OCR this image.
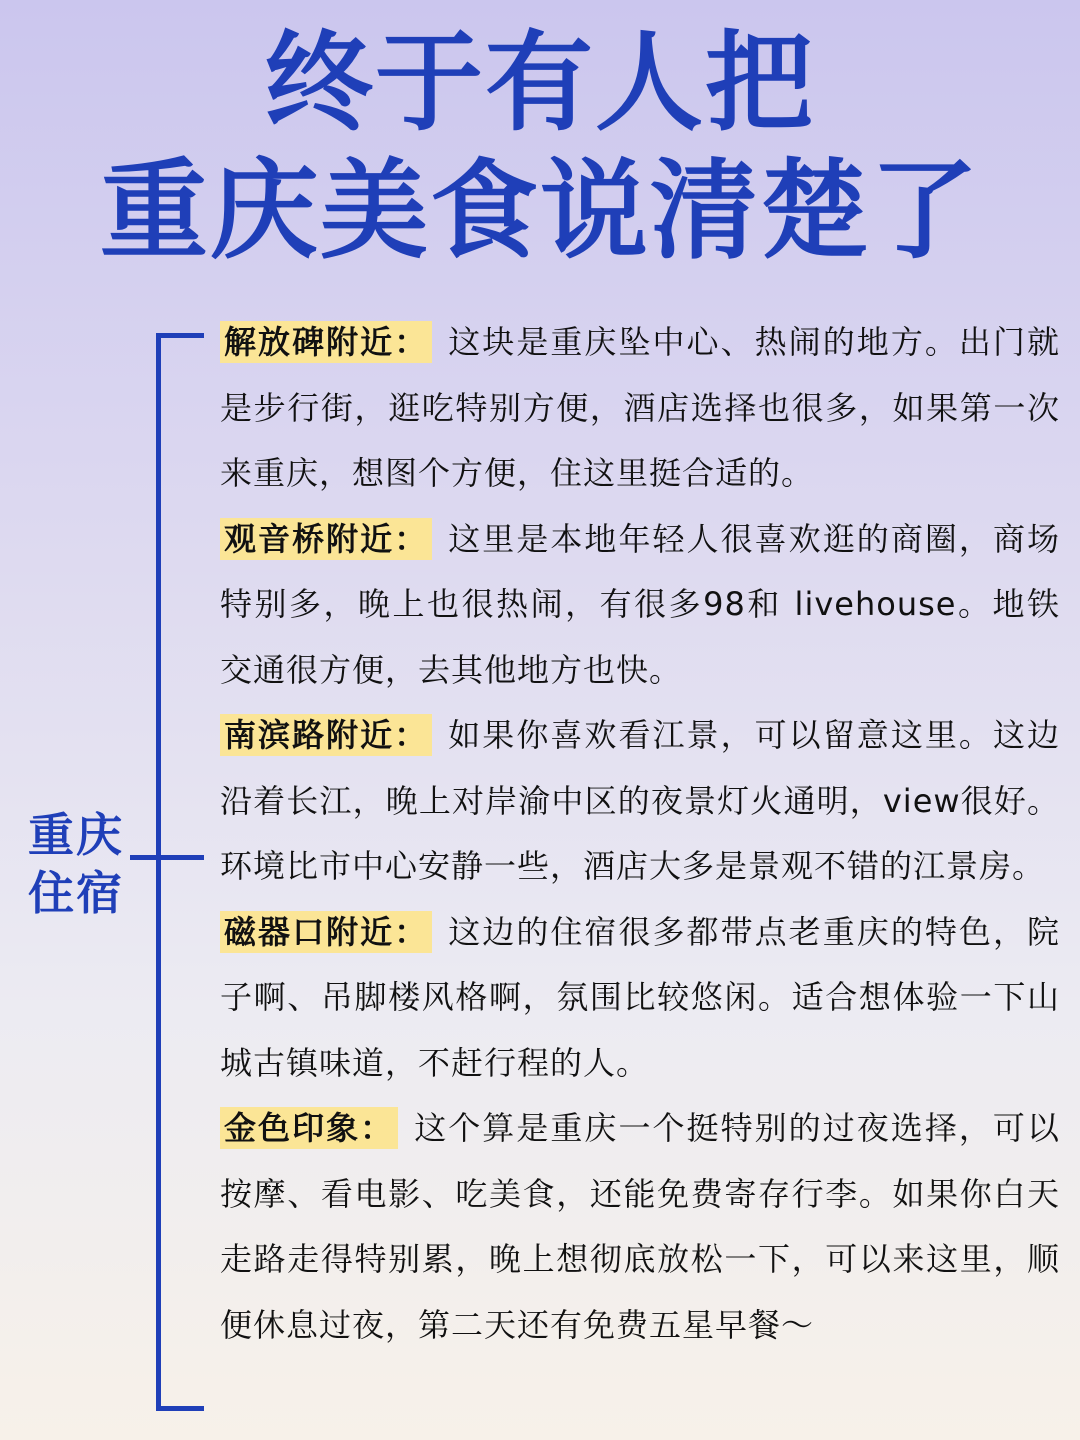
终于有人把
重庆美食说清楚了
重庆
住宿

解放碑附近： 这块是重庆坠中心、热闹的地方。出门就是步行街，逛吃特别方便，酒店选择也很多，如果第一次来重庆，想图个方便，住这里挺合适的。

观音桥附近： 这里是本地年轻人很喜欢逛的商圈，商场特别多，晚上也很热闹，有很多98和 livehouse。地铁交通很方便，去其他地方也快。

南滨路附近： 如果你喜欢看江景，可以留意这里。这边沿着长江，晚上对岸渝中区的夜景灯火通明，view很好。环境比市中心安静一些，酒店大多是景观不错的江景房。

磁器口附近： 这边的住宿很多都带点老重庆的特色，院子啊、吊脚楼风格啊，氛围比较悠闲。适合想体验一下山城古镇味道，不赶行程的人。

金色印象： 这个算是重庆一个挺特别的过夜选择，可以按摩、看电影、吃美食，还能免费寄存行李。如果你白天走路走得特别累，晚上想彻底放松一下，可以来这里，顺便休息过夜，第二天还有免费五星早餐～
